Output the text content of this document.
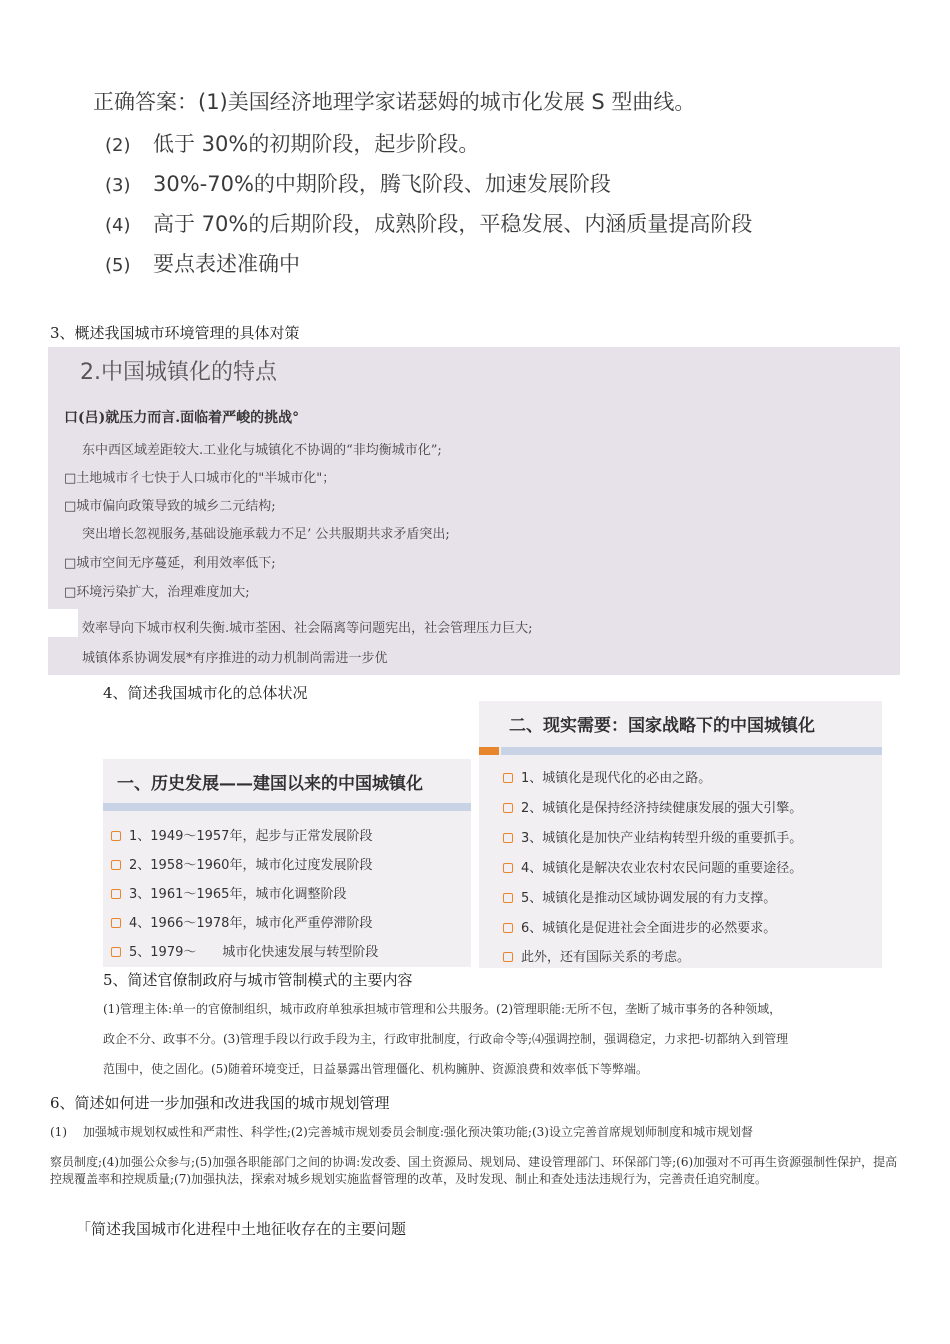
正确答案：(1)美国经济地理学家诺瑟姆的城市化发展 S 型曲线。
(2) 低于 30%的初期阶段，起步阶段。
(3) 30%-70%的中期阶段，腾飞阶段、加速发展阶段
(4) 高于 70%的后期阶段，成熟阶段，平稳发展、内涵质量提高阶段
(5) 要点表述准确中
3、概述我国城市环境管理的具体对策
2.中国城镇化的特点
口(吕)就压力而言.面临着严峻的挑战°
东中西区域差距较大.工业化与城镇化不协调的“非均衡城市化”;
□土地城市彳七快于人口城市化的"半城市化"；
□城市偏向政策导致的城乡二元结构;
突出增长忽视服务,基础设施承载力不足’ 公共服期共求矛盾突出;
□城市空间无序蔓延，利用效率低下;
□环境污染扩大，治理难度加大;
效率导向下城市权利失衡.城市荃困、社会隔离等问题宪出，社会管理压力巨大;
城镇体系协调发展*有序推进的动力机制尚需进一步优
4、简述我国城市化的总体状况
一、历史发展——建国以来的中国城镇化
1、1949～1957年，起步与正常发展阶段
2、1958～1960年，城市化过度发展阶段
3、1961～1965年，城市化调整阶段
4、1966～1978年，城市化严重停滞阶段
5、1979～　　城市化快速发展与转型阶段
二、现实需要：国家战略下的中国城镇化
1、城镇化是现代化的必由之路。
2、城镇化是保持经济持续健康发展的强大引擎。
3、城镇化是加快产业结构转型升级的重要抓手。
4、城镇化是解决农业农村农民问题的重要途径。
5、城镇化是推动区域协调发展的有力支撑。
6、城镇化是促进社会全面进步的必然要求。
此外，还有国际关系的考虑。
5、简述官僚制政府与城市管制模式的主要内容
(1)管理主体:单一的官僚制组织，城市政府单独承担城市管理和公共服务。(2)管理职能:无所不包，垄断了城市事务的各种领域，
政企不分、政事不分。(3)管理手段以行政手段为主，行政审批制度，行政命令等;⑷强调控制，强调稳定，力求把-切都纳入到管理
范围中，使之固化。(5)随着环境变迁，日益暴露出管理僵化、机构臃肿、资源浪费和效率低下等弊端。
6、简述如何进一步加强和改进我国的城市规划管理
(1)　 加强城市规划权威性和严肃性、科学性;(2)完善城市规划委员会制度:强化预决策功能;(3)设立完善首席规划师制度和城市规划督
察员制度;(4)加强公众参与;(5)加强各职能部门之间的协调:发改委、国土资源局、规划局、建设管理部门、环保部门等;(6)加强对不可再生资源强制性保护，提高控规覆盖率和控规质量;(7)加强执法，探索对城乡规划实施监督管理的改革，及时发现、制止和查处违法违规行为，完善责任追究制度。
「简述我国城市化进程中土地征收存在的主要问题
